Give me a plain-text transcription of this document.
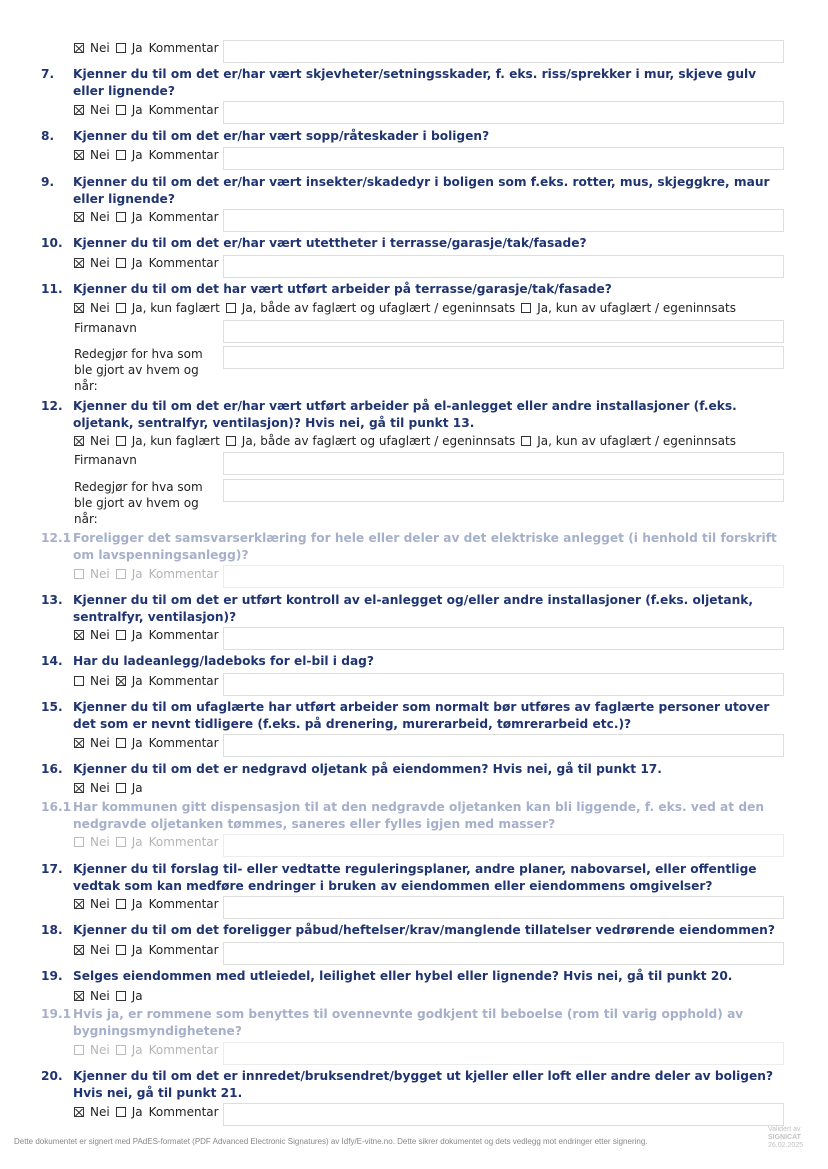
Nei Ja Kommentar
7.	Kjenner du til om det er/har vært skjevheter/setningsskader, f. eks. riss/sprekker i mur, skjeve gulv eller lignende?
Nei Ja Kommentar
8.	Kjenner du til om det er/har vært sopp/råteskader i boligen?
Nei Ja Kommentar
9.	Kjenner du til om det er/har vært insekter/skadedyr i boligen som f.eks. rotter, mus, skjeggkre, maur eller lignende?
Nei Ja Kommentar
10. Kjenner du til om det er/har vært utettheter i terrasse/garasje/tak/fasade?
Nei Ja Kommentar
11. Kjenner du til om det har vært utført arbeider på terrasse/garasje/tak/fasade?
Nei Ja, kun faglært Ja, både av faglært og ufaglært / egeninnsats Ja, kun av ufaglært / egeninnsats
Firmanavn
Redegjør for hva som ble gjort av hvem og når:
12. Kjenner du til om det er/har vært utført arbeider på el-anlegget eller andre installasjoner (f.eks. oljetank, sentralfyr, ventilasjon)? Hvis nei, gå til punkt 13.
Nei Ja, kun faglært Ja, både av faglært og ufaglært / egeninnsats Ja, kun av ufaglært / egeninnsats
Firmanavn
Redegjør for hva som ble gjort av hvem og når:
12.1 Foreligger det samsvarserklæring for hele eller deler av det elektriske anlegget (i henhold til forskrift om lavspenningsanlegg)?
Nei Ja Kommentar
13. Kjenner du til om det er utført kontroll av el-anlegget og/eller andre installasjoner (f.eks. oljetank, sentralfyr, ventilasjon)?
Nei Ja Kommentar
14. Har du ladeanlegg/ladeboks for el-bil i dag?
Nei Ja Kommentar
15. Kjenner du til om ufaglærte har utført arbeider som normalt bør utføres av faglærte personer utover det som er nevnt tidligere (f.eks. på drenering, murerarbeid, tømrerarbeid etc.)?
Nei Ja Kommentar
16. Kjenner du til om det er nedgravd oljetank på eiendommen? Hvis nei, gå til punkt 17.
Nei Ja
16.1 Har kommunen gitt dispensasjon til at den nedgravde oljetanken kan bli liggende, f. eks. ved at den nedgravde oljetanken tømmes, saneres eller fylles igjen med masser?
Nei Ja Kommentar
17. Kjenner du til forslag til- eller vedtatte reguleringsplaner, andre planer, nabovarsel, eller offentlige vedtak som kan medføre endringer i bruken av eiendommen eller eiendommens omgivelser?
Nei Ja Kommentar
18. Kjenner du til om det foreligger påbud/heftelser/krav/manglende tillatelser vedrørende eiendommen?
Nei Ja Kommentar
19. Selges eiendommen med utleiedel, leilighet eller hybel eller lignende? Hvis nei, gå til punkt 20.
Nei Ja
19.1 Hvis ja, er rommene som benyttes til ovennevnte godkjent til beboelse (rom til varig opphold) av bygningsmyndighetene?
Nei Ja Kommentar
20. Kjenner du til om det er innredet/bruksendret/bygget ut kjeller eller loft eller andre deler av boligen? Hvis nei, gå til punkt 21.
Nei Ja Kommentar
Dette dokumentet er signert med PAdES-formatet (PDF Advanced Electronic Signatures) av Idfy/E-vitne.no. Dette sikrer dokumentet og dets vedlegg mot endringer etter signering.
Validert av
SIGNICAT
26.02.2025
